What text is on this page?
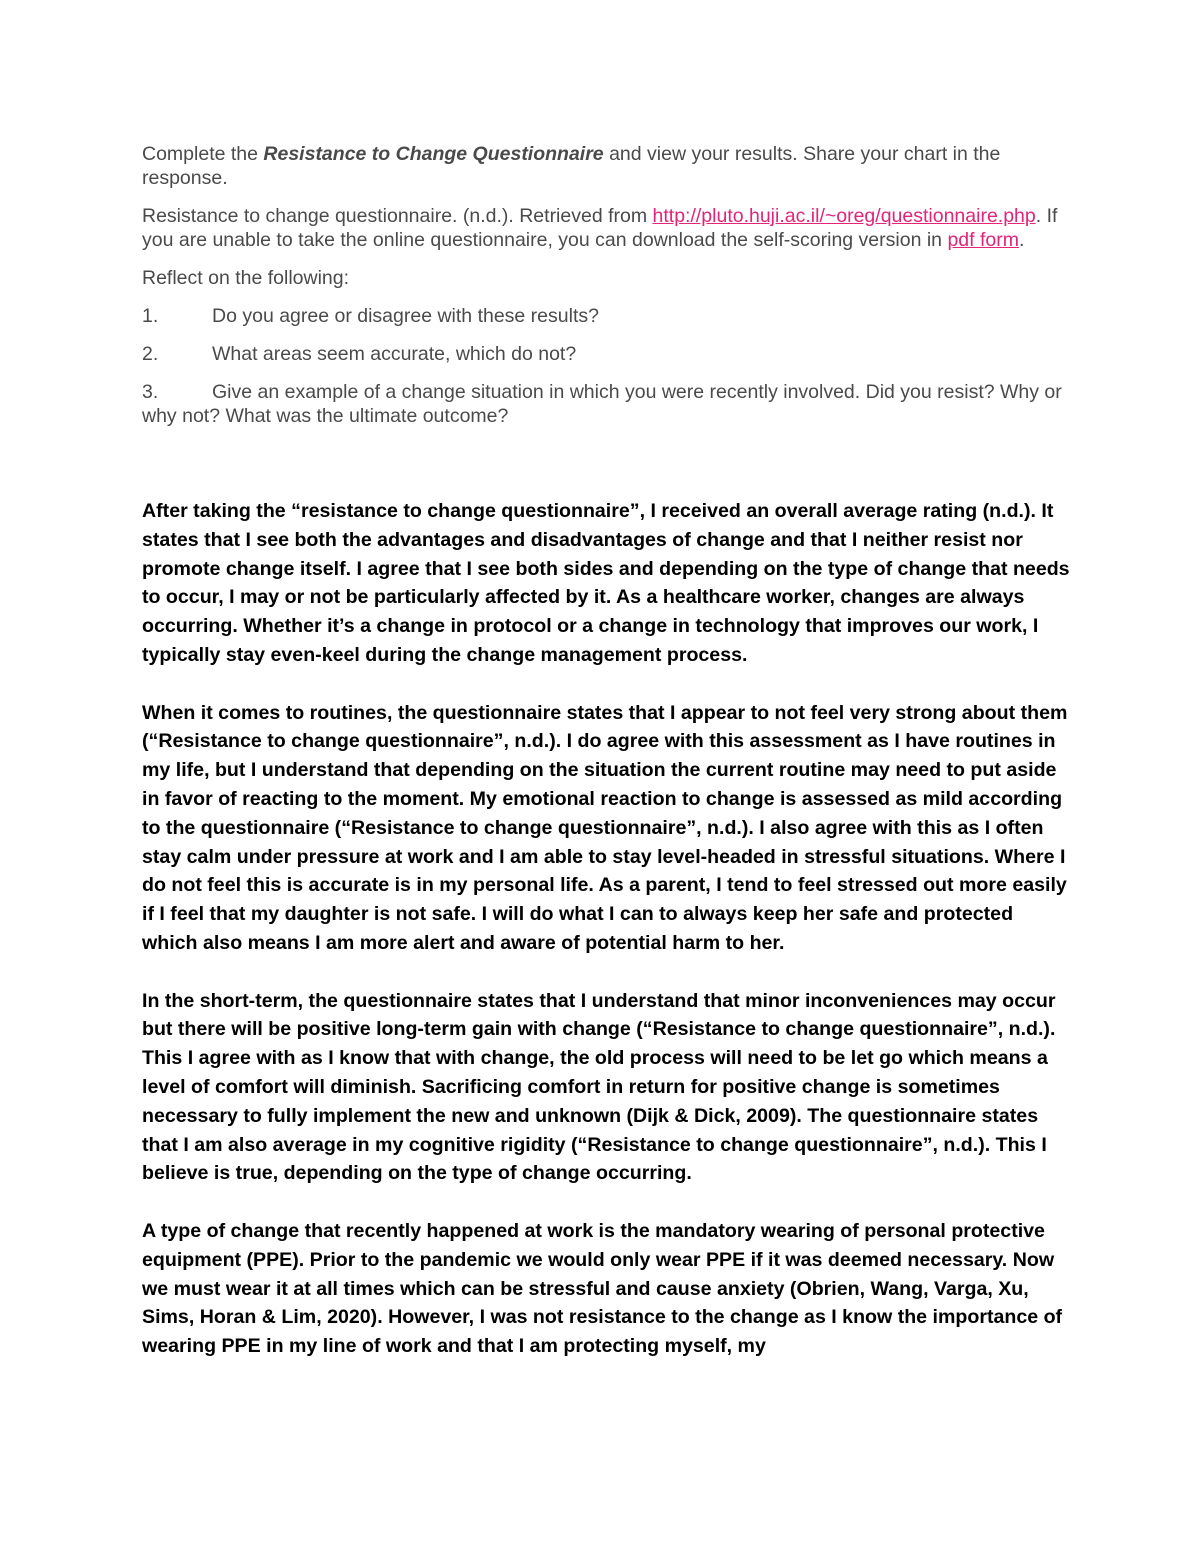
Complete the Resistance to Change Questionnaire and view your results. Share your chart in the response.

Resistance to change questionnaire. (n.d.). Retrieved from http://pluto.huji.ac.il/~oreg/questionnaire.php. If you are unable to take the online questionnaire, you can download the self-scoring version in pdf form.

Reflect on the following:

1.	Do you agree or disagree with these results?
2.	What areas seem accurate, which do not?
3.	Give an example of a change situation in which you were recently involved. Did you resist? Why or why not? What was the ultimate outcome?

After taking the “resistance to change questionnaire”, I received an overall average rating (n.d.). It states that I see both the advantages and disadvantages of change and that I neither resist nor promote change itself. I agree that I see both sides and depending on the type of change that needs to occur, I may or not be particularly affected by it. As a healthcare worker, changes are always occurring. Whether it’s a change in protocol or a change in technology that improves our work, I typically stay even-keel during the change management process.

When it comes to routines, the questionnaire states that I appear to not feel very strong about them (“Resistance to change questionnaire”, n.d.). I do agree with this assessment as I have routines in my life, but I understand that depending on the situation the current routine may need to put aside in favor of reacting to the moment. My emotional reaction to change is assessed as mild according to the questionnaire (“Resistance to change questionnaire”, n.d.). I also agree with this as I often stay calm under pressure at work and I am able to stay level-headed in stressful situations. Where I do not feel this is accurate is in my personal life. As a parent, I tend to feel stressed out more easily if I feel that my daughter is not safe. I will do what I can to always keep her safe and protected which also means I am more alert and aware of potential harm to her.

In the short-term, the questionnaire states that I understand that minor inconveniences may occur but there will be positive long-term gain with change (“Resistance to change questionnaire”, n.d.). This I agree with as I know that with change, the old process will need to be let go which means a level of comfort will diminish. Sacrificing comfort in return for positive change is sometimes necessary to fully implement the new and unknown (Dijk & Dick, 2009). The questionnaire states that I am also average in my cognitive rigidity (“Resistance to change questionnaire”, n.d.). This I believe is true, depending on the type of change occurring.

A type of change that recently happened at work is the mandatory wearing of personal protective equipment (PPE). Prior to the pandemic we would only wear PPE if it was deemed necessary. Now we must wear it at all times which can be stressful and cause anxiety (Obrien, Wang, Varga, Xu, Sims, Horan & Lim, 2020). However, I was not resistance to the change as I know the importance of wearing PPE in my line of work and that I am protecting myself, my
